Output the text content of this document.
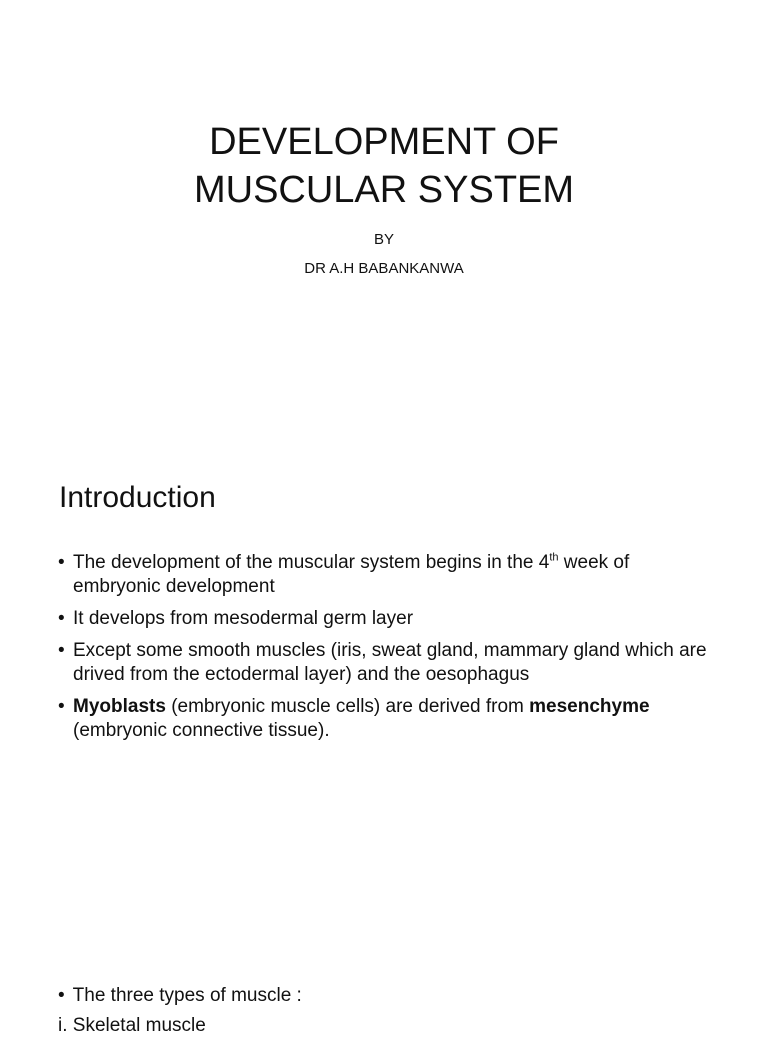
DEVELOPMENT OF
MUSCULAR SYSTEM
BY
DR A.H BABANKANWA
Introduction
• The development of the muscular system begins in the 4th week of embryonic development
• It develops from mesodermal germ layer
• Except some smooth muscles (iris, sweat gland, mammary gland which are drived from the ectodermal layer) and the oesophagus
• Myoblasts (embryonic muscle cells) are derived from mesenchyme (embryonic connective tissue).
• The three types of muscle :
i. Skeletal muscle
